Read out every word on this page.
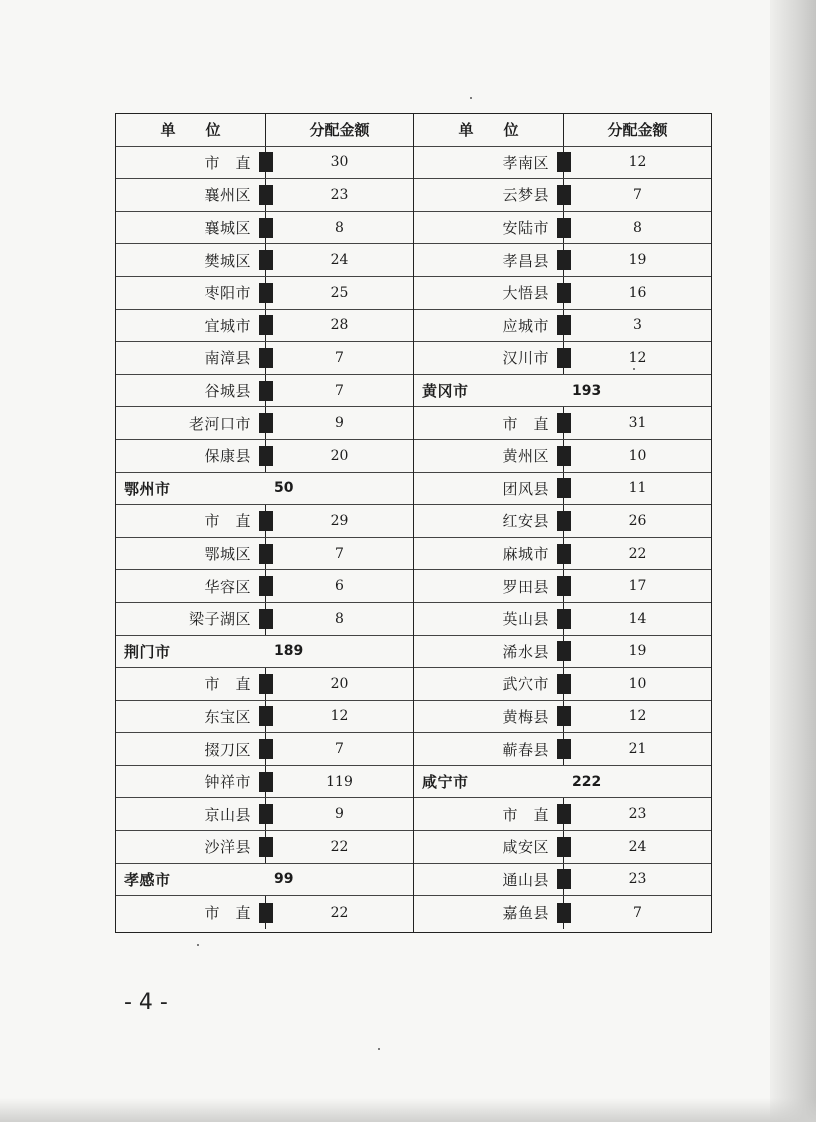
单　　位	分配金额
市　直	30
襄州区	23
襄城区	8
樊城区	24
枣阳市	25
宜城市	28
南漳县	7
谷城县	7
老河口市	9
保康县	20
鄂州市	50
市　直	29
鄂城区	7
华容区	6
梁子湖区	8
荆门市	189
市　直	20
东宝区	12
掇刀区	7
钟祥市	119
京山县	9
沙洋县	22
孝感市	99
市　直	22
单　　位	分配金额
孝南区	12
云梦县	7
安陆市	8
孝昌县	19
大悟县	16
应城市	3
汉川市	12
黄冈市	193
市　直	31
黄州区	10
团风县	11
红安县	26
麻城市	22
罗田县	17
英山县	14
浠水县	19
武穴市	10
黄梅县	12
蕲春县	21
咸宁市	222
市　直	23
咸安区	24
通山县	23
嘉鱼县	7
- 4 -
